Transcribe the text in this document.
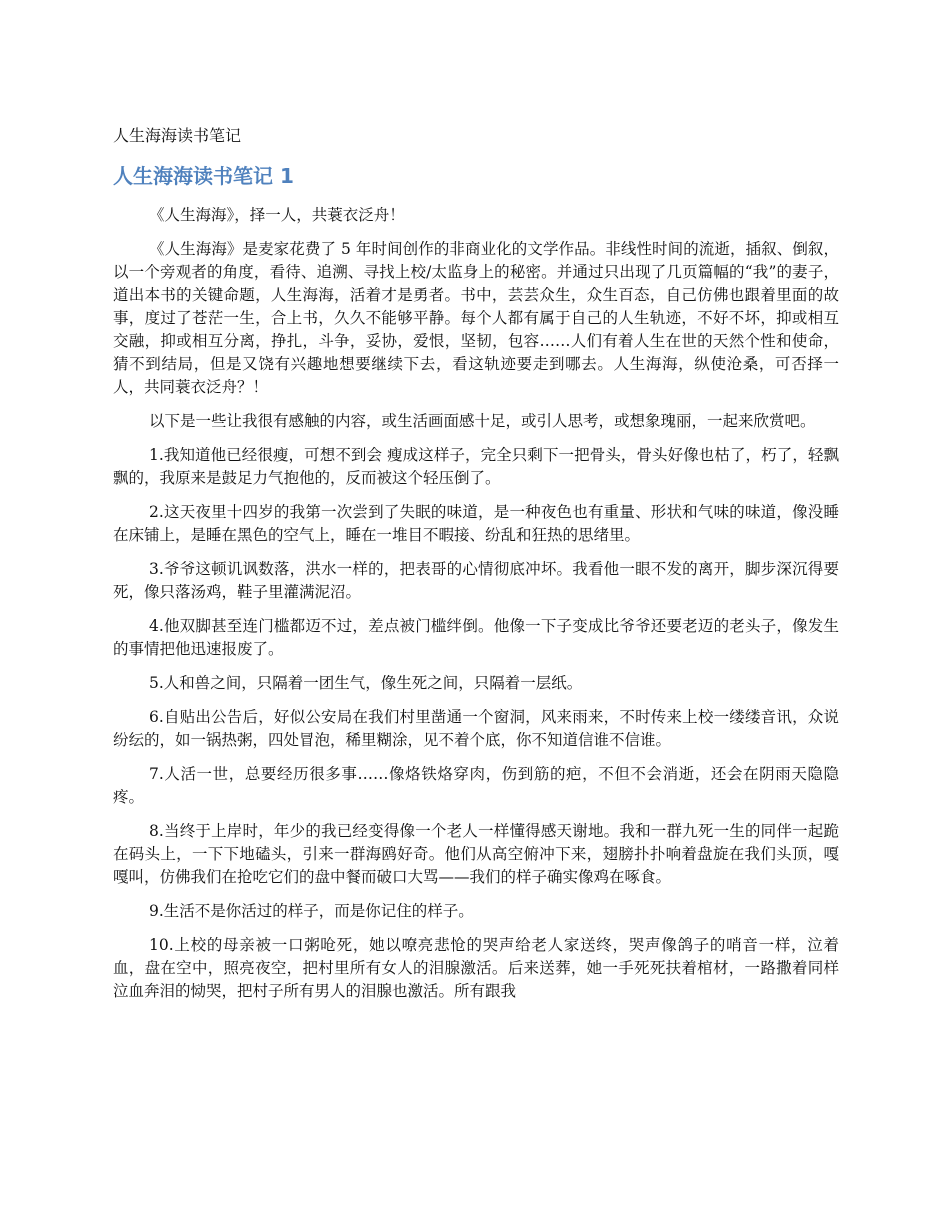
人生海海读书笔记
人生海海读书笔记 1

《人生海海》，择一人，共蓑衣泛舟！

《人生海海》是麦家花费了 5 年时间创作的非商业化的文学作品。非线性时间的流逝，插叙、倒叙，以一个旁观者的角度，看待、追溯、寻找上校/太监身上的秘密。并通过只出现了几页篇幅的“我”的妻子，道出本书的关键命题，人生海海，活着才是勇者。书中，芸芸众生，众生百态，自己仿佛也跟着里面的故事，度过了苍茫一生，合上书，久久不能够平静。每个人都有属于自己的人生轨迹，不好不坏，抑或相互交融，抑或相互分离，挣扎，斗争，妥协，爱恨，坚韧，包容……人们有着人生在世的天然个性和使命，猜不到结局，但是又饶有兴趣地想要继续下去，看这轨迹要走到哪去。人生海海，纵使沧桑，可否择一人，共同蓑衣泛舟？！

以下是一些让我很有感触的内容，或生活画面感十足，或引人思考，或想象瑰丽，一起来欣赏吧。

1.我知道他已经很瘦，可想不到会 瘦成这样子，完全只剩下一把骨头，骨头好像也枯了，朽了，轻飘飘的，我原来是鼓足力气抱他的，反而被这个轻压倒了。

2.这天夜里十四岁的我第一次尝到了失眠的味道，是一种夜色也有重量、形状和气味的味道，像没睡在床铺上，是睡在黑色的空气上，睡在一堆目不暇接、纷乱和狂热的思绪里。

3.爷爷这顿讥讽数落，洪水一样的，把表哥的心情彻底冲坏。我看他一眼不发的离开，脚步深沉得要死，像只落汤鸡，鞋子里灌满泥沼。

4.他双脚甚至连门槛都迈不过，差点被门槛绊倒。他像一下子变成比爷爷还要老迈的老头子，像发生的事情把他迅速报废了。

5.人和兽之间，只隔着一团生气，像生死之间，只隔着一层纸。

6.自贴出公告后，好似公安局在我们村里凿通一个窗洞，风来雨来，不时传来上校一缕缕音讯，众说纷纭的，如一锅热粥，四处冒泡，稀里糊涂，见不着个底，你不知道信谁不信谁。

7.人活一世，总要经历很多事……像烙铁烙穿肉，伤到筋的疤，不但不会消逝，还会在阴雨天隐隐疼。

8.当终于上岸时，年少的我已经变得像一个老人一样懂得感天谢地。我和一群九死一生的同伴一起跪在码头上，一下下地磕头，引来一群海鸥好奇。他们从高空俯冲下来，翅膀扑扑响着盘旋在我们头顶，嘎嘎叫，仿佛我们在抢吃它们的盘中餐而破口大骂——我们的样子确实像鸡在啄食。

9.生活不是你活过的样子，而是你记住的样子。

10.上校的母亲被一口粥呛死，她以嘹亮悲怆的哭声给老人家送终，哭声像鸽子的哨音一样，泣着血，盘在空中，照亮夜空，把村里所有女人的泪腺激活。后来送葬，她一手死死扶着棺材，一路撒着同样泣血奔泪的恸哭，把村子所有男人的泪腺也激活。所有跟我
